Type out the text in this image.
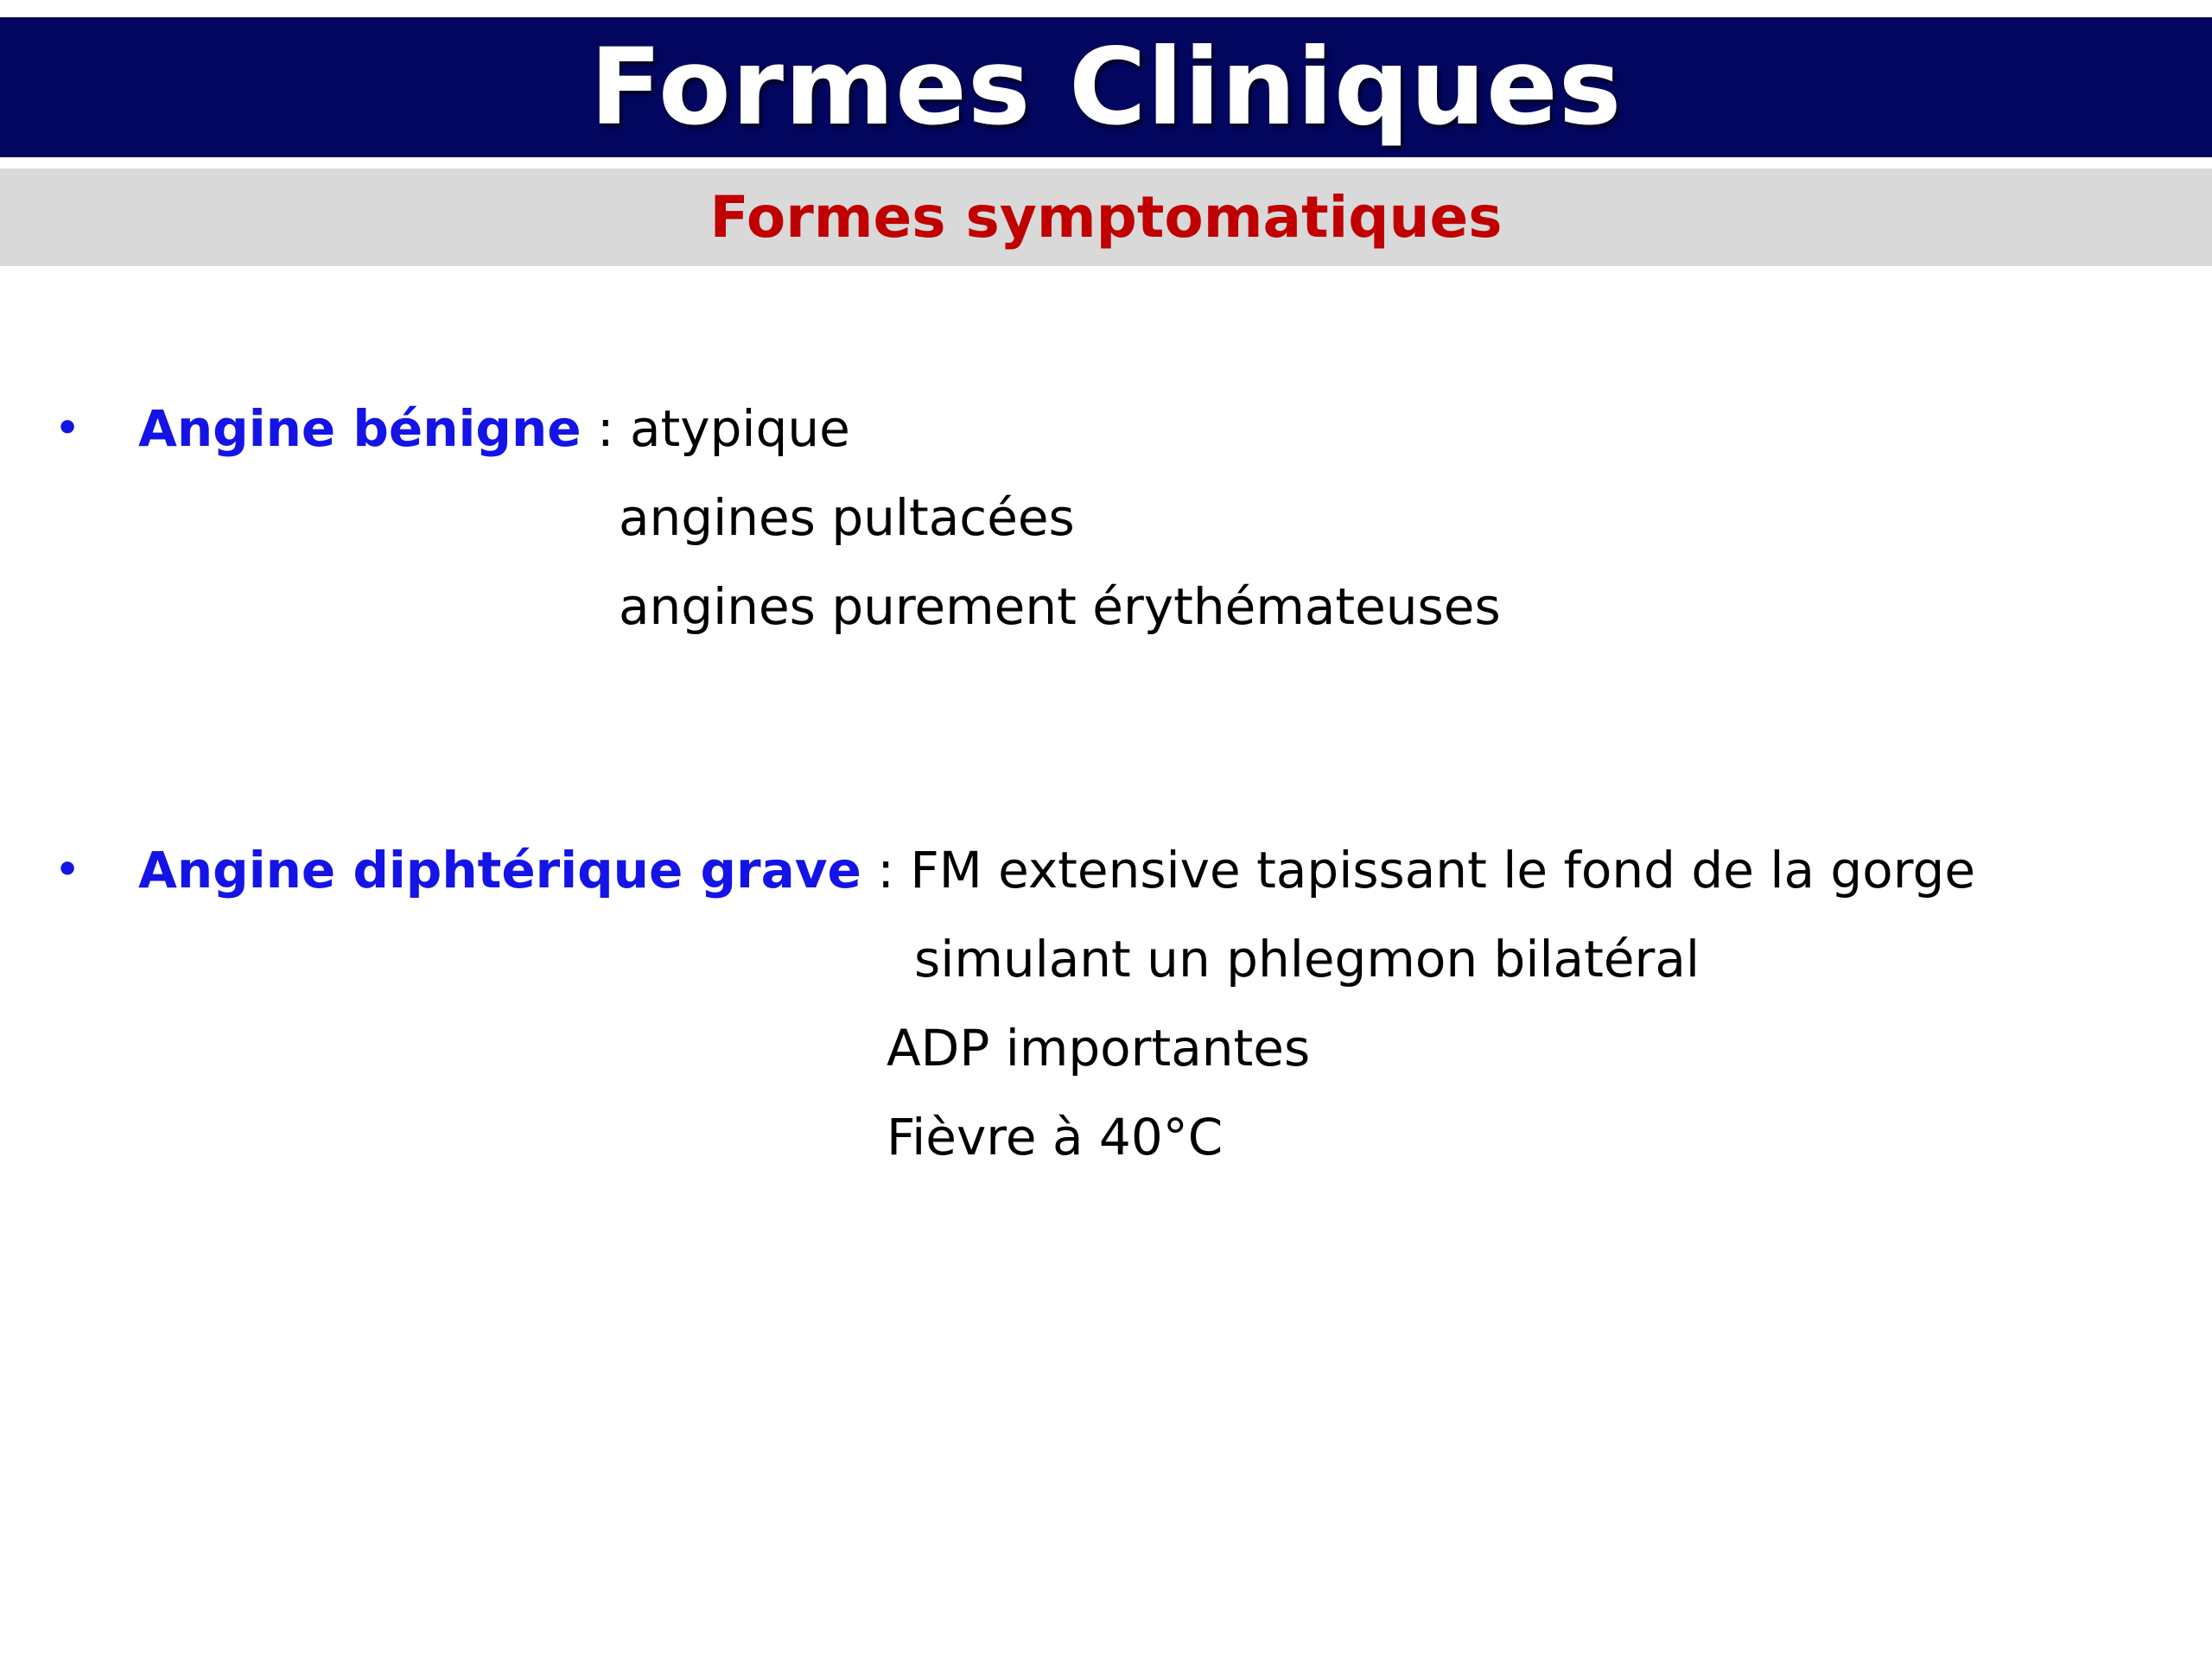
Formes Cliniques
Formes symptomatiques
• Angine bénigne : atypique
angines pultacées
angines purement érythémateuses
• Angine diphtérique grave : FM extensive tapissant le fond de la gorge
simulant un phlegmon bilatéral
ADP importantes
Fièvre à 40°C
